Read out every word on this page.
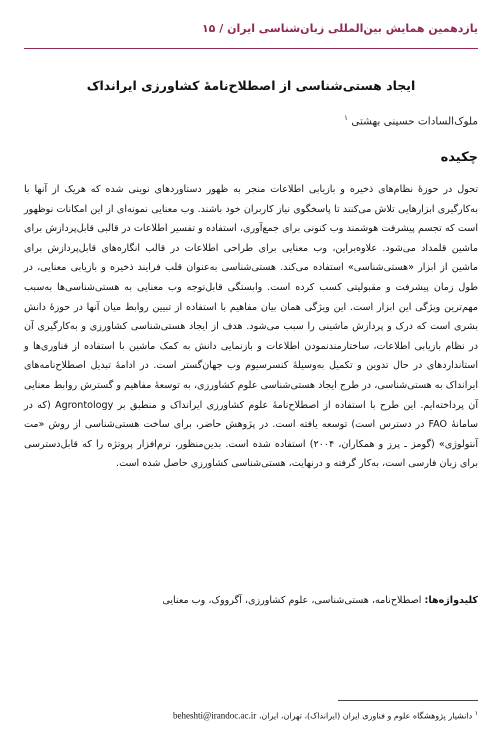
یازدهمین همایش بین‌المللی زبان‌شناسی ایران / ۱۵
ایجاد هستی‌شناسی از اصطلاح‌نامهٔ کشاورزی ایرانداک
ملوک‌السادات حسینی بهشتی $^۱$
چکیده

تحول در حوزهٔ نظام‌های ذخیره و بازیابی اطلاعات منجر به ظهور دستاوردهای نوینی شده که هریک از آنها با به‌کارگیری ابزارهایی تلاش می‌کنند تا پاسخگوی نیاز کاربران خود باشند. وب معنایی نمونه‌ای از این امکانات نوظهور است که تجسم پیشرفت هوشمند وب کنونی برای جمع‌آوری، استفاده و تفسیر اطلاعات در قالبی قابل‌پردازش برای ماشین قلمداد می‌شود. علاوه‌براین، وب معنایی برای طراحی اطلاعات در قالب انگاره‌های قابل‌پردازش برای ماشین از ابزار «هستی‌شناسی» استفاده می‌کند. هستی‌شناسی به‌عنوان قلب فرایند ذخیره و بازیابی معنایی، در طول زمان پیشرفت و مقبولیتی کسب کرده است. وابستگی قابل‌توجه وب معنایی به هستی‌شناسی‌ها به‌سبب مهم‌ترین ویژگی این ابزار است. این ویژگی همان بیان مفاهیم با استفاده از تبیین روابط میان آنها در حوزهٔ دانش بشری است که درک و پردازش ماشینی را سبب می‌شود. هدف از ایجاد هستی‌شناسی کشاورزی و به‌کارگیری آن در نظام بازیابی اطلاعات، ساختارمندنمودن اطلاعات و بازنمایی دانش به کمک ماشین با استفاده از فناوری‌ها و استانداردهای در حال تدوین و تکمیل به‌وسیلهٔ کنسرسیوم وب جهان‌گستر است. در ادامهٔ تبدیل اصطلاح‌نامه‌های ایرانداک به هستی‌شناسی، در طرح ایجاد هستی‌شناسی علوم کشاورزی، به توسعهٔ مفاهیم و گسترش روابط معنایی آن پرداخته‌ایم. این طرح با استفاده از اصطلاح‌نامهٔ علوم کشاورزی ایرانداک و منطبق بر Agrontology (که در سامانهٔ FAO در دسترس است) توسعه یافته است. در پژوهش حاضر، برای ساخت هستی‌شناسی از روش «مت آنتولوژی» (گومز ـ پرز و همکاران، ۲۰۰۴) استفاده شده است. بدین‌منظور، نرم‌افزار پروتژه را که قابل‌دسترسی برای زبان فارسی است، به‌کار گرفته و درنهایت، هستی‌شناسی کشاورزی حاصل شده است.

کلیدواژه‌ها: اصطلاح‌نامه، هستی‌شناسی، علوم کشاورزی، آگرووک، وب معنایی
$^۱$ دانشیار پژوهشگاه علوم و فناوری ایران (ایرانداک)، تهران، ایران، beheshti@irandoc.ac.ir
